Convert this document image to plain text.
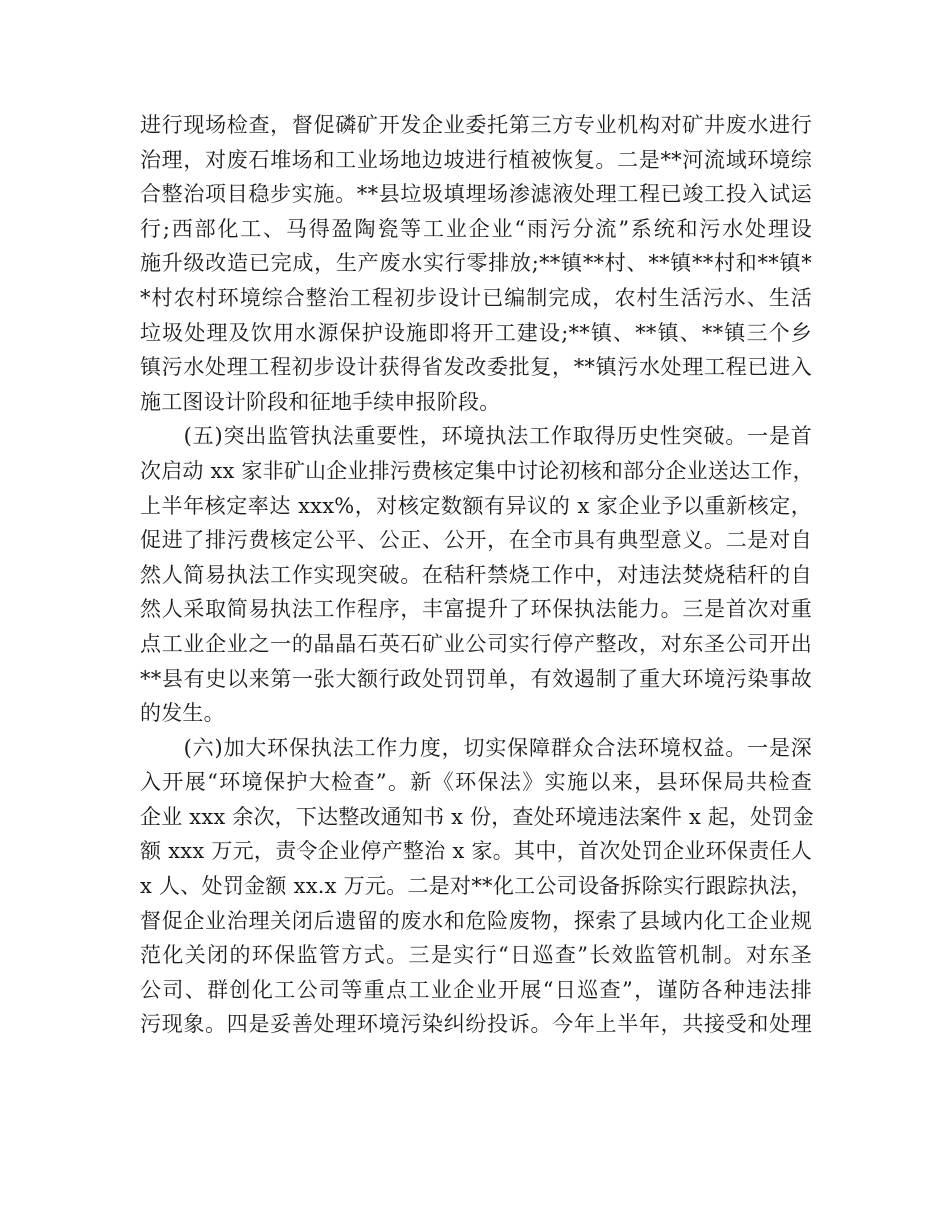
进行现场检查，督促磷矿开发企业委托第三方专业机构对矿井废水进行
治理，对废石堆场和工业场地边坡进行植被恢复。二是**河流域环境综
合整治项目稳步实施。**县垃圾填埋场渗滤液处理工程已竣工投入试运
行;西部化工、马得盈陶瓷等工业企业“雨污分流”系统和污水处理设
施升级改造已完成，生产废水实行零排放;**镇**村、**镇**村和**镇*
*村农村环境综合整治工程初步设计已编制完成，农村生活污水、生活
垃圾处理及饮用水源保护设施即将开工建设;**镇、**镇、**镇三个乡
镇污水处理工程初步设计获得省发改委批复，**镇污水处理工程已进入
施工图设计阶段和征地手续申报阶段。
　　(五)突出监管执法重要性，环境执法工作取得历史性突破。一是首
次启动 xx 家非矿山企业排污费核定集中讨论初核和部分企业送达工作，
上半年核定率达 xxx%，对核定数额有异议的 x 家企业予以重新核定，
促进了排污费核定公平、公正、公开，在全市具有典型意义。二是对自
然人简易执法工作实现突破。在秸秆禁烧工作中，对违法焚烧秸秆的自
然人采取简易执法工作程序，丰富提升了环保执法能力。三是首次对重
点工业企业之一的晶晶石英石矿业公司实行停产整改，对东圣公司开出
**县有史以来第一张大额行政处罚罚单，有效遏制了重大环境污染事故
的发生。
　　(六)加大环保执法工作力度，切实保障群众合法环境权益。一是深
入开展“环境保护大检查”。新《环保法》实施以来，县环保局共检查
企业 xxx 余次，下达整改通知书 x 份，查处环境违法案件 x 起，处罚金
额 xxx 万元，责令企业停产整治 x 家。其中，首次处罚企业环保责任人
x 人、处罚金额 xx.x 万元。二是对**化工公司设备拆除实行跟踪执法，
督促企业治理关闭后遗留的废水和危险废物，探索了县域内化工企业规
范化关闭的环保监管方式。三是实行“日巡查”长效监管机制。对东圣
公司、群创化工公司等重点工业企业开展“日巡查”，谨防各种违法排
污现象。四是妥善处理环境污染纠纷投诉。今年上半年，共接受和处理
